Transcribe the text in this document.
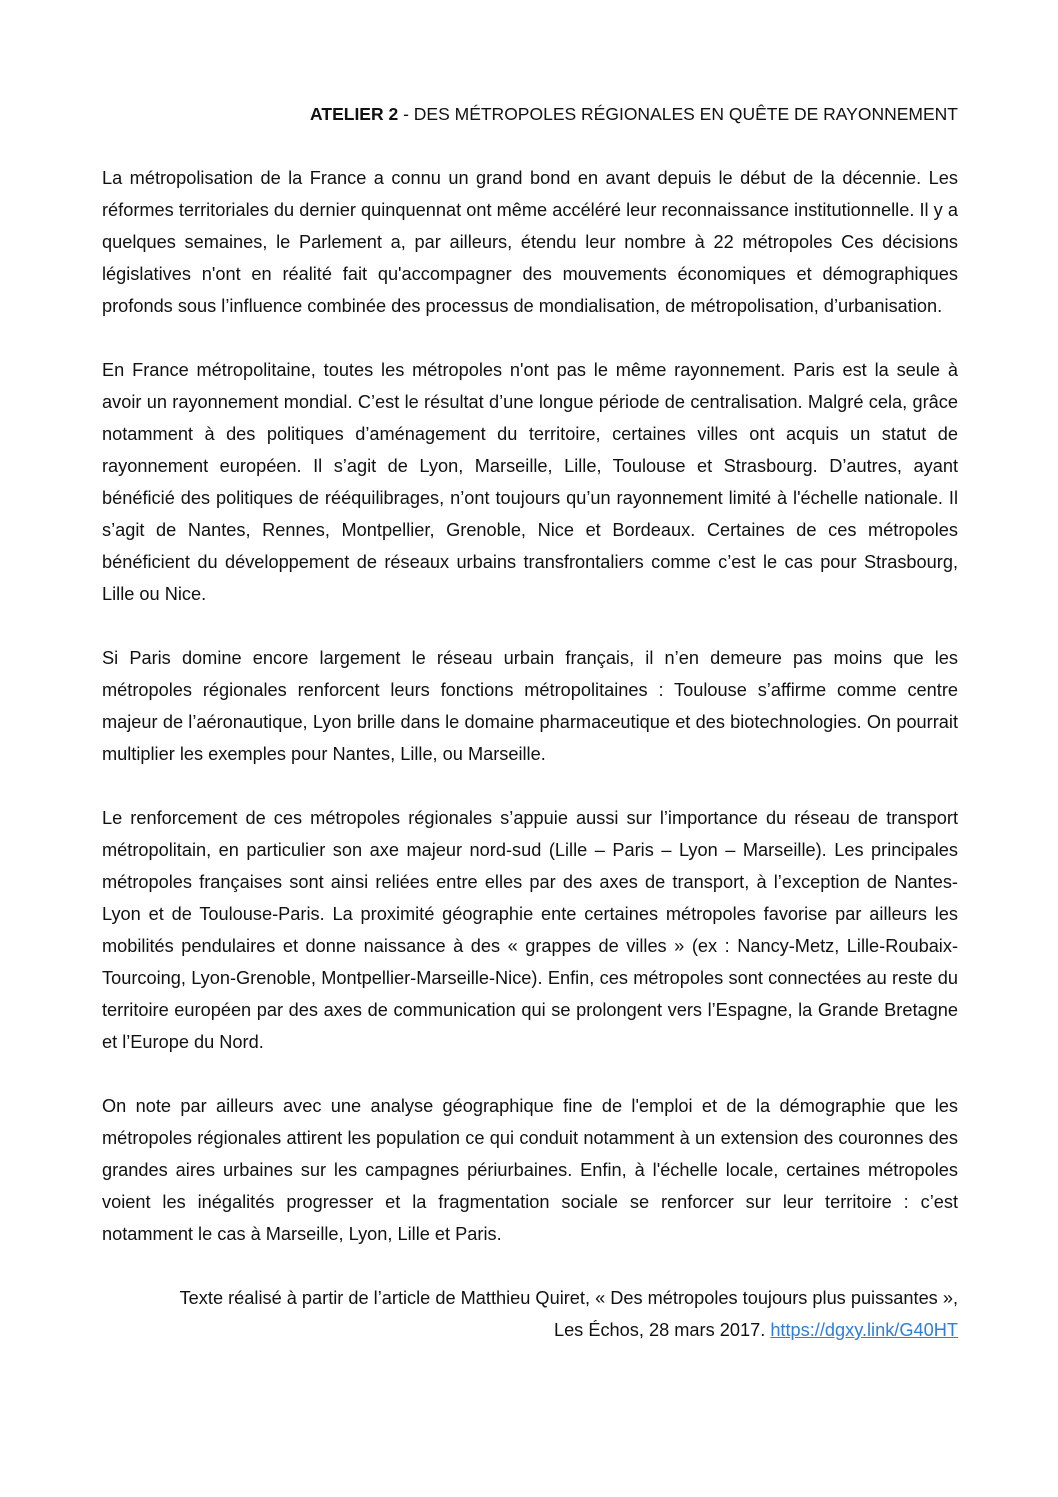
ATELIER 2 - DES MÉTROPOLES RÉGIONALES EN QUÊTE DE RAYONNEMENT

La métropolisation de la France a connu un grand bond en avant depuis le début de la décennie. Les réformes territoriales du dernier quinquennat ont même accéléré leur reconnaissance institutionnelle. Il y a quelques semaines, le Parlement a, par ailleurs, étendu leur nombre à 22 métropoles Ces décisions législatives n'ont en réalité fait qu'accompagner des mouvements économiques et démographiques profonds sous l’influence combinée des processus de mondialisation, de métropolisation, d’urbanisation.

En France métropolitaine, toutes les métropoles n'ont pas le même rayonnement. Paris est la seule à avoir un rayonnement mondial. C’est le résultat d’une longue période de centralisation. Malgré cela, grâce notamment à des politiques d’aménagement du territoire, certaines villes ont acquis un statut de rayonnement européen. Il s’agit de Lyon, Marseille, Lille, Toulouse et Strasbourg. D’autres, ayant bénéficié des politiques de rééquilibrages, n’ont toujours qu’un rayonnement limité à l'échelle nationale. Il s’agit de Nantes, Rennes, Montpellier, Grenoble, Nice et Bordeaux. Certaines de ces métropoles bénéficient du développement de réseaux urbains transfrontaliers comme c’est le cas pour Strasbourg, Lille ou Nice.

Si Paris domine encore largement le réseau urbain français, il n’en demeure pas moins que les métropoles régionales renforcent leurs fonctions métropolitaines : Toulouse s’affirme comme centre majeur de l’aéronautique, Lyon brille dans le domaine pharmaceutique et des biotechnologies. On pourrait multiplier les exemples pour Nantes, Lille, ou Marseille.

Le renforcement de ces métropoles régionales s’appuie aussi sur l’importance du réseau de transport métropolitain, en particulier son axe majeur nord-sud (Lille – Paris – Lyon – Marseille). Les principales métropoles françaises sont ainsi reliées entre elles par des axes de transport, à l’exception de Nantes-Lyon et de Toulouse-Paris. La proximité géographie ente certaines métropoles favorise par ailleurs les mobilités pendulaires et donne naissance à des « grappes de villes » (ex : Nancy-Metz, Lille-Roubaix-Tourcoing, Lyon-Grenoble, Montpellier-Marseille-Nice). Enfin, ces métropoles sont connectées au reste du territoire européen par des axes de communication qui se prolongent vers l’Espagne, la Grande Bretagne et l’Europe du Nord.

On note par ailleurs avec une analyse géographique fine de l'emploi et de la démographie que les métropoles régionales attirent les population ce qui conduit notamment à un extension des couronnes des grandes aires urbaines sur les campagnes périurbaines. Enfin, à l'échelle locale, certaines métropoles voient les inégalités progresser et la fragmentation sociale se renforcer sur leur territoire : c’est notamment le cas à Marseille, Lyon, Lille et Paris.

Texte réalisé à partir de l’article de Matthieu Quiret, « Des métropoles toujours plus puissantes »,
Les Échos, 28 mars 2017. https://dgxy.link/G40HT
